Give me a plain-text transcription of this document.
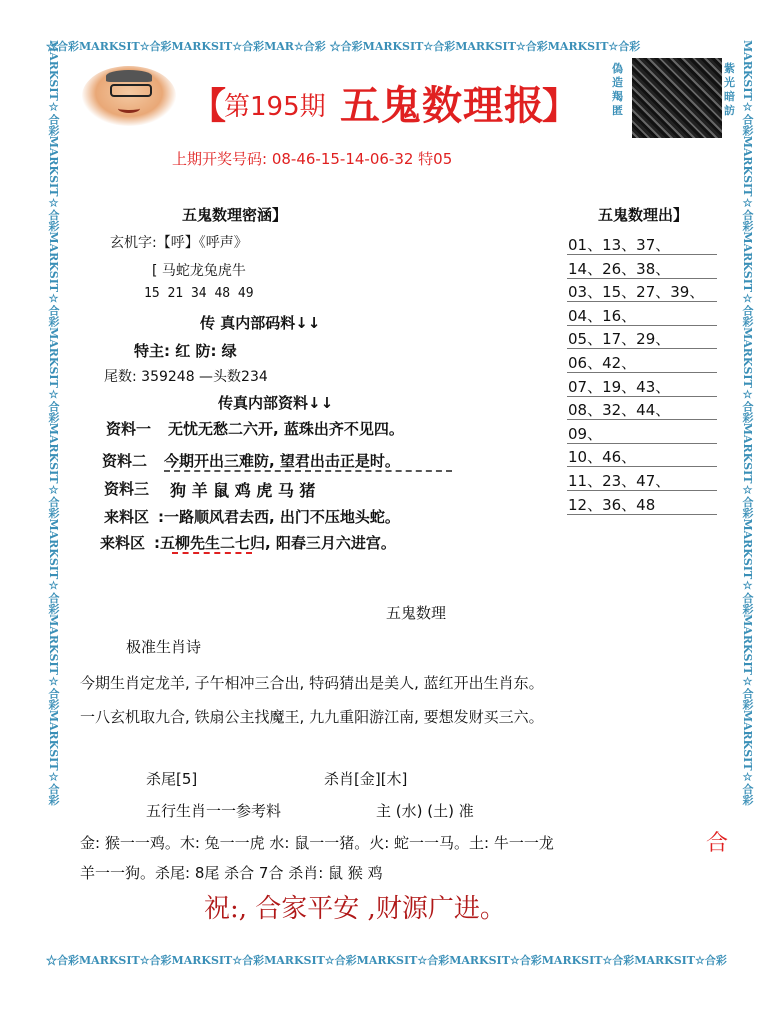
☆合彩MARKSIT☆合彩MARKSIT☆合彩MAR☆合彩 ☆合彩MARKSIT☆合彩MARKSIT☆合彩MARKSIT☆合彩
☆合彩MARKSIT☆合彩MARKSIT☆合彩MARKSIT☆合彩MARKSIT☆合彩MARKSIT☆合彩MARKSIT☆合彩MARKSIT☆合彩
MARKSIT☆合彩MARKSIT☆合彩MARKSIT☆合彩MARKSIT☆合彩MARKSIT☆合彩MARKSIT☆合彩MARKSIT☆合彩MARKSIT☆合彩	MARKSIT☆合彩MARKSIT☆合彩MARKSIT☆合彩MARKSIT☆合彩MARKSIT☆合彩MARKSIT☆合彩MARKSIT☆合彩MARKSIT☆合彩
【
第195期 五鬼数理报
】
偽造羯匿
紫光暗訪
上期开奖号码: 08-46-15-14-06-32 特05
五鬼数理密涵】
玄机字:【呼】《呼声》
[ 马蛇龙兔虎牛
15 21 34 48 49
传 真内部码料↓↓
特主: 红 防: 绿
尾数: 359248 —头数234
传真内部资料↓↓
资料一 无忧无愁二六开, 蓝珠出齐不见四。
资料二 今期开出三难防, 望君出击正是时。
资料三 狗 羊 鼠 鸡 虎 马 猪
来料区 :一路顺风君去西, 出门不压地头蛇。
来料区 :五柳先生二七归, 阳春三月六进宫。
五鬼数理出】
01、13、37、
14、26、38、
03、15、27、39、
04、16、
05、17、29、
06、42、
07、19、43、
08、32、44、
09、
10、46、
11、23、47、
12、36、48
五鬼数理
极准生肖诗
今期生肖定龙羊, 子午相冲三合出, 特码猜出是美人, 蓝红开出生肖东。
一八玄机取九合, 铁扇公主找魔王, 九九重阳游江南, 要想发财买三六。
杀尾[5]	杀肖[金][木]
五行生肖一一参考料	主 (水) (土) 准
金: 猴一一鸡。木: 兔一一虎 水: 鼠一一猪。火: 蛇一一马。土: 牛一一龙	合
羊一一狗。杀尾: 8尾 杀合 7合 杀肖: 鼠 猴 鸡
祝:, 合家平安 ,财源广进。
